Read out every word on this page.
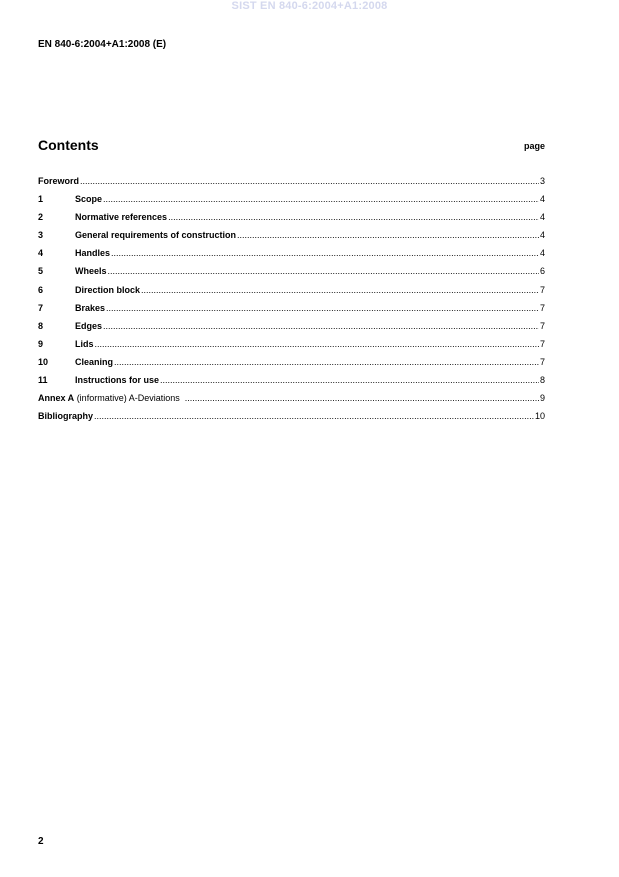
SIST EN 840-6:2004+A1:2008
EN 840-6:2004+A1:2008 (E)
Contents	page
Foreword .....	3
1	Scope .....	4
2	Normative references .....	4
3	General requirements of construction .....	4
4	Handles .....	4
5	Wheels .....	6
6	Direction block .....	7
7	Brakes .....	7
8	Edges .....	7
9	Lids .....	7
10	Cleaning .....	7
11	Instructions for use .....	8
Annex A (informative) A-Deviations .....	9
Bibliography .....	10
2
